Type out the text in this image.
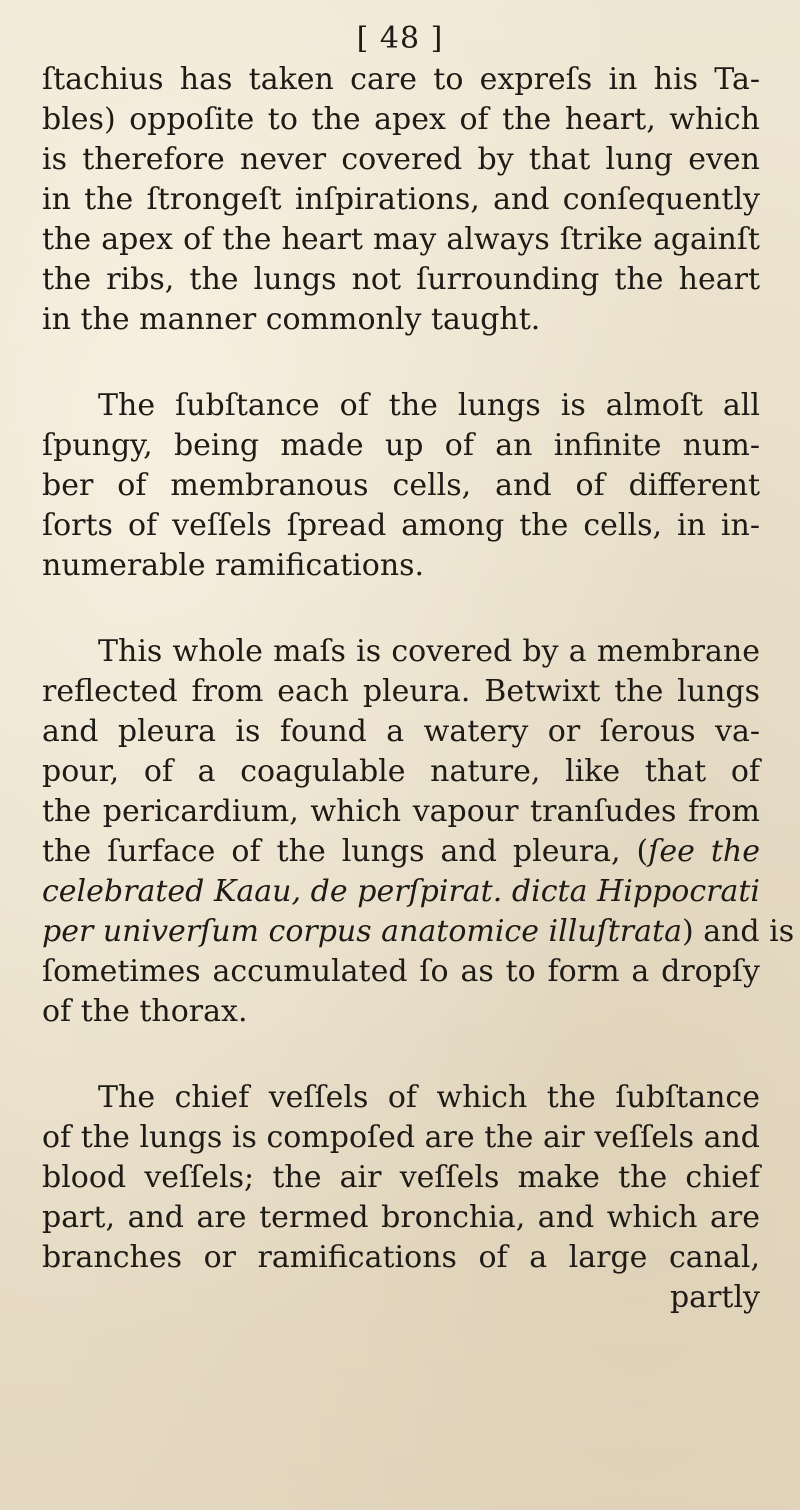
[ 48 ]
ſtachius has taken care to expreſs in his Ta-
bles) oppoſite to the apex of the heart, which
is therefore never covered by that lung even
in the ſtrongeſt inſpirations, and conſequently
the apex of the heart may always ſtrike againſt
the ribs, the lungs not ſurrounding the heart
in the manner commonly taught.
The ſubſtance of the lungs is almoſt all
ſpungy, being made up of an infinite num-
ber of membranous cells, and of different
ſorts of veſſels ſpread among the cells, in in-
numerable ramifications.
This whole maſs is covered by a membrane
reflected from each pleura. Betwixt the lungs
and pleura is found a watery or ſerous va-
pour, of a coagulable nature, like that of
the pericardium, which vapour tranſudes from
the ſurface of the lungs and pleura, (ſee the
celebrated Kaau, de perſpirat. dicta Hippocrati
per univerſum corpus anatomice illuſtrata) and is
ſometimes accumulated ſo as to form a dropſy
of the thorax.
The chief veſſels of which the ſubſtance
of the lungs is compoſed are the air veſſels and
blood veſſels; the air veſſels make the chief
part, and are termed bronchia, and which are
branches or ramifications of a large canal,
partly
